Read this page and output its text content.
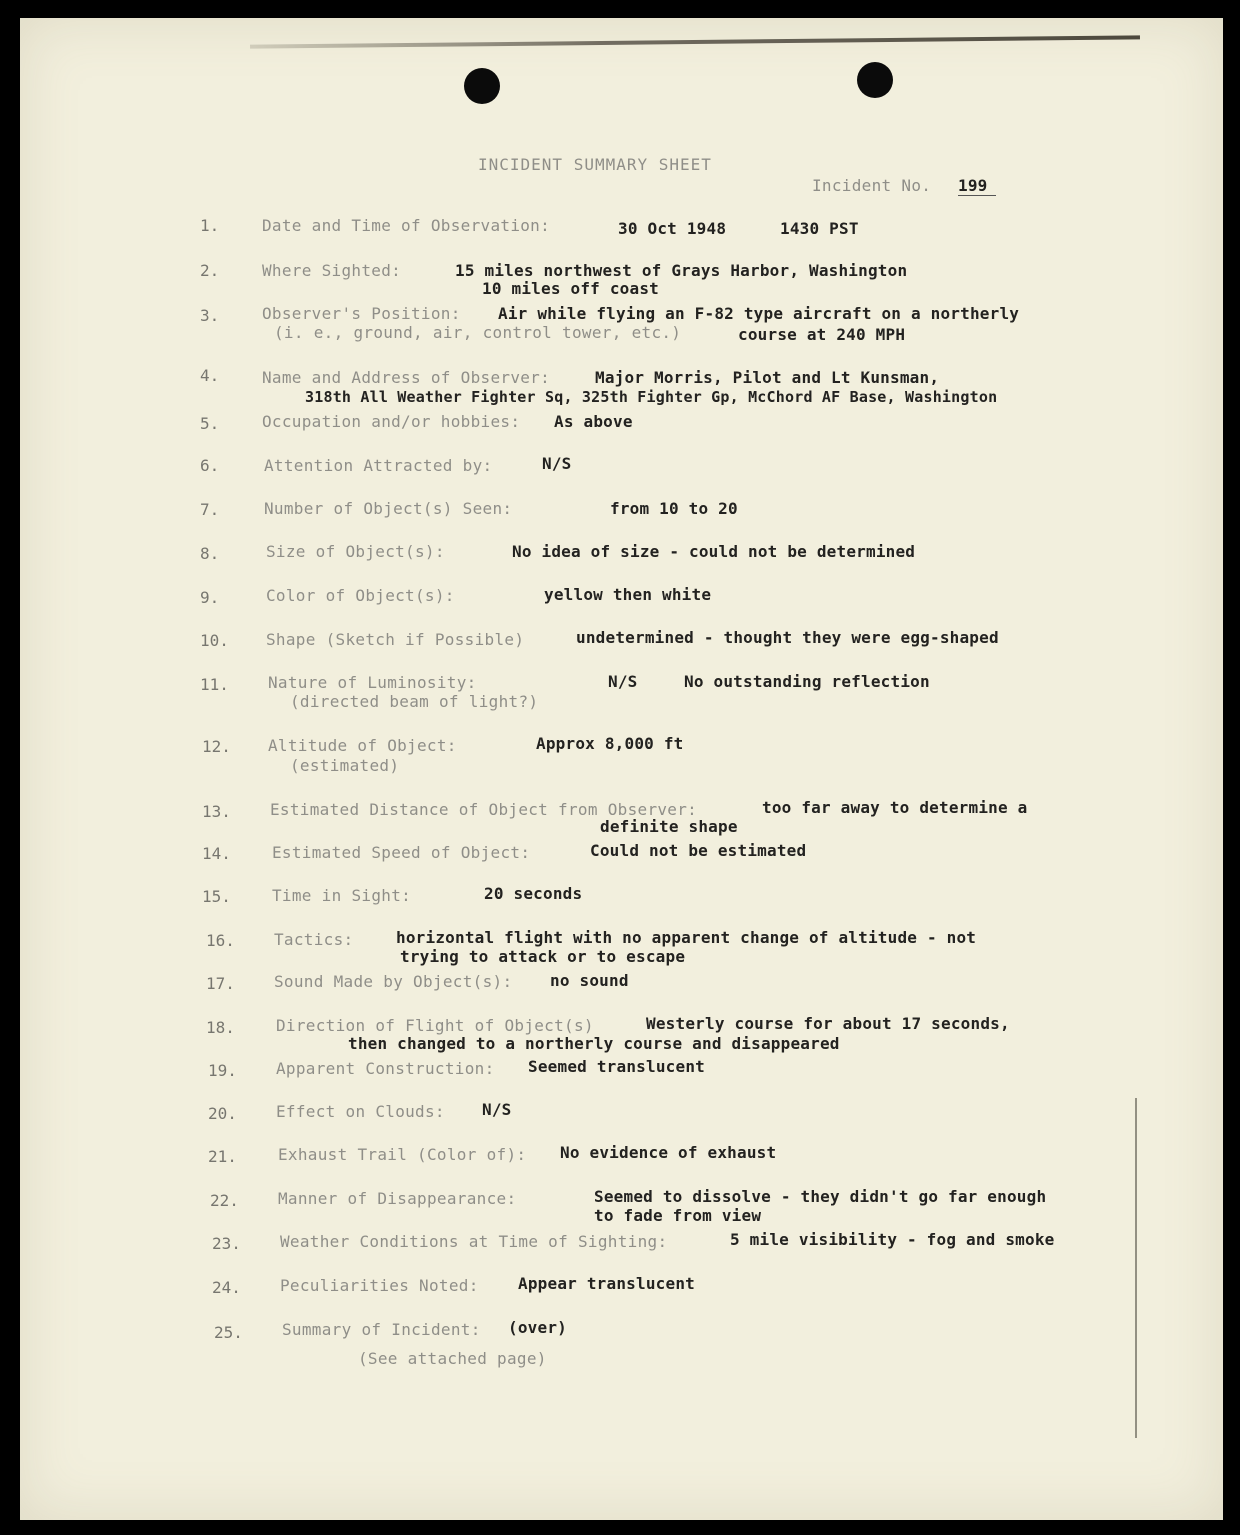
INCIDENT SUMMARY SHEET
Incident No. 199
1.	Date and Time of Observation:	30 Oct 1948	1430 PST
2.	Where Sighted:	15 miles northwest of Grays Harbor, Washington
10 miles off coast
3.	Observer's Position:
(i. e., ground, air, control tower, etc.)
Air while flying an F-82 type aircraft on a northerly
course at 240 MPH
4.	Name and Address of Observer:	Major Morris, Pilot and Lt Kunsman,
318th All Weather Fighter Sq, 325th Fighter Gp, McChord AF Base, Washington
5.	Occupation and/or hobbies: As above
6.	Attention Attracted by:	N/S
7.	Number of Object(s) Seen:	from 10 to 20
8.	Size of Object(s):	No idea of size - could not be determined
9.	Color of Object(s):	yellow then white
10. Shape (Sketch if Possible)	undetermined - thought they were egg-shaped
11. Nature of Luminosity:
(directed beam of light?)
N/S	No outstanding reflection
12. Altitude of Object:
(estimated)
Approx 8,000 ft
13. Estimated Distance of Object from Observer:	too far away to determine a
definite shape
14.	Estimated Speed of Object:	Could not be estimated
15.	Time in Sight:	20 seconds
16. Tactics:	horizontal flight with no apparent change of altitude - not
trying to attack or to escape
17. Sound Made by Object(s): no sound
18.	Direction of Flight of Object(s)	Westerly course for about 17 seconds,
then changed to a northerly course and disappeared
19. Apparent Construction: Seemed translucent
20. Effect on Clouds: N/S
21.	Exhaust Trail (Color of): No evidence of exhaust
22. Manner of Disappearance:	Seemed to dissolve - they didn't go far enough
to fade from view
23. Weather Conditions at Time of Sighting:	5 mile visibility - fog and smoke
24. Peculiarities Noted: Appear translucent
25. Summary of Incident: (over)
(See attached page)
